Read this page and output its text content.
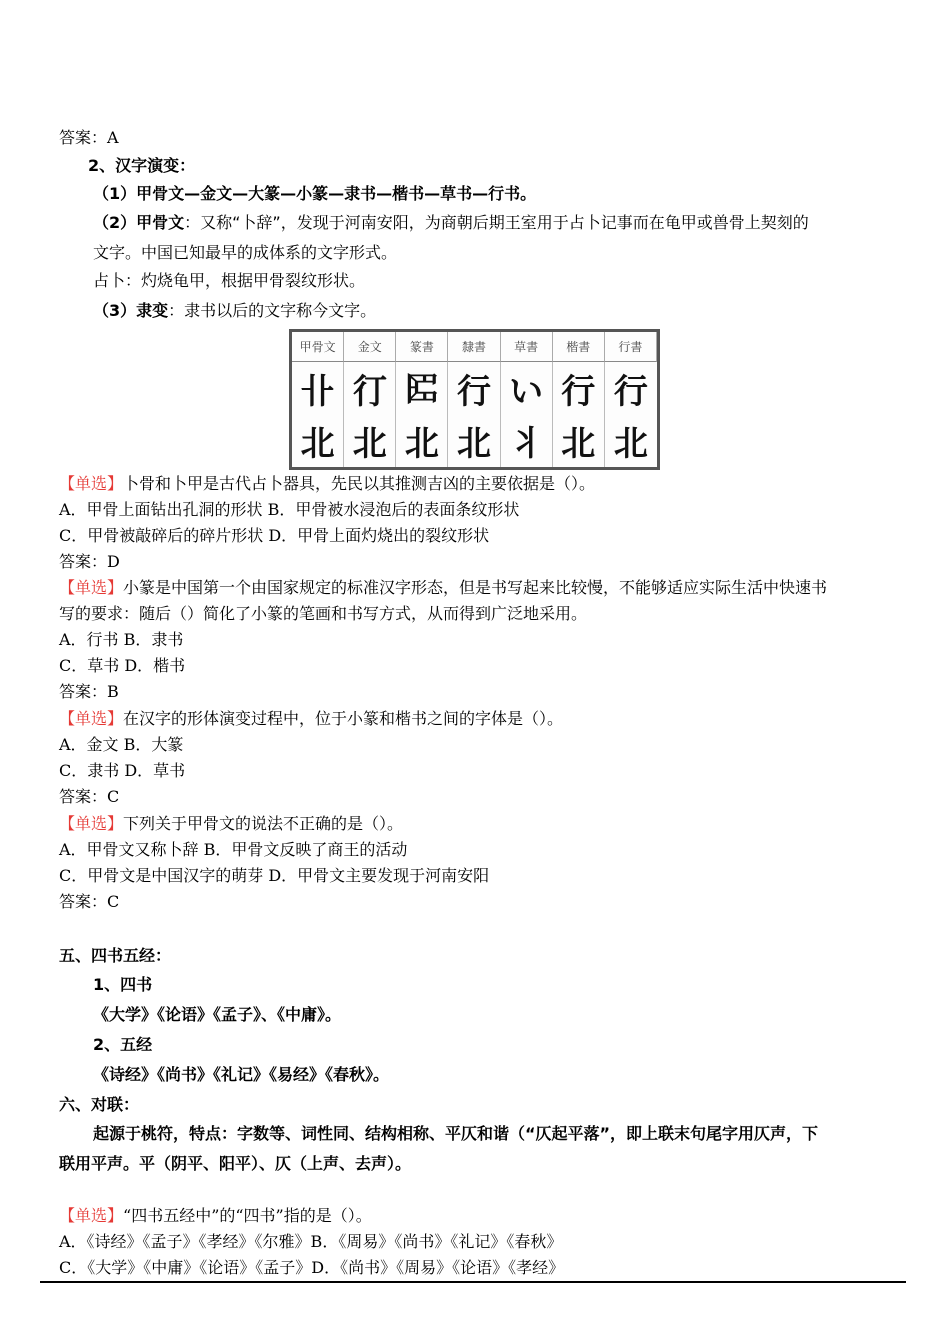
答案：A
2、汉字演变：
（1）甲骨文—金文—大篆—小篆—隶书—楷书—草书—行书。
（2）甲骨文：又称“卜辞”，发现于河南安阳，为商朝后期王室用于占卜记事而在龟甲或兽骨上契刻的
文字。中国已知最早的成体系的文字形式。
占卜：灼烧龟甲，根据甲骨裂纹形状。
（3）隶变：隶书以后的文字称今文字。
甲骨文	金文	篆書	隸書	草書	楷書	行書
卝 㣔 𠥓 行 い 行 行
北 北 北 北 丬 北 北
【单选】卜骨和卜甲是古代占卜器具，先民以其推测吉凶的主要依据是（）。
A．甲骨上面钻出孔洞的形状 B．甲骨被水浸泡后的表面条纹形状
C．甲骨被敲碎后的碎片形状 D．甲骨上面灼烧出的裂纹形状
答案：D
【单选】小篆是中国第一个由国家规定的标准汉字形态，但是书写起来比较慢，不能够适应实际生活中快速书
写的要求：随后（）简化了小篆的笔画和书写方式，从而得到广泛地采用。
A．行书 B．隶书
C．草书 D．楷书
答案：B
【单选】在汉字的形体演变过程中，位于小篆和楷书之间的字体是（）。
A．金文 B．大篆
C．隶书 D．草书
答案：C
【单选】下列关于甲骨文的说法不正确的是（）。
A．甲骨文又称卜辞 B．甲骨文反映了商王的活动
C．甲骨文是中国汉字的萌芽 D．甲骨文主要发现于河南安阳
答案：C
五、四书五经：
1、四书
《大学》《论语》《孟子》、《中庸》。
2、五经
《诗经》《尚书》《礼记》《易经》《春秋》。
六、对联：
起源于桃符，特点：字数等、词性同、结构相称、平仄和谐（“仄起平落”，即上联末句尾字用仄声，下
联用平声。平（阴平、阳平）、仄（上声、去声）。
【单选】“四书五经中”的“四书”指的是（）。
A．《诗经》《孟子》《孝经》《尔雅》B．《周易》《尚书》《礼记》《春秋》
C．《大学》《中庸》《论语》《孟子》D．《尚书》《周易》《论语》《孝经》
